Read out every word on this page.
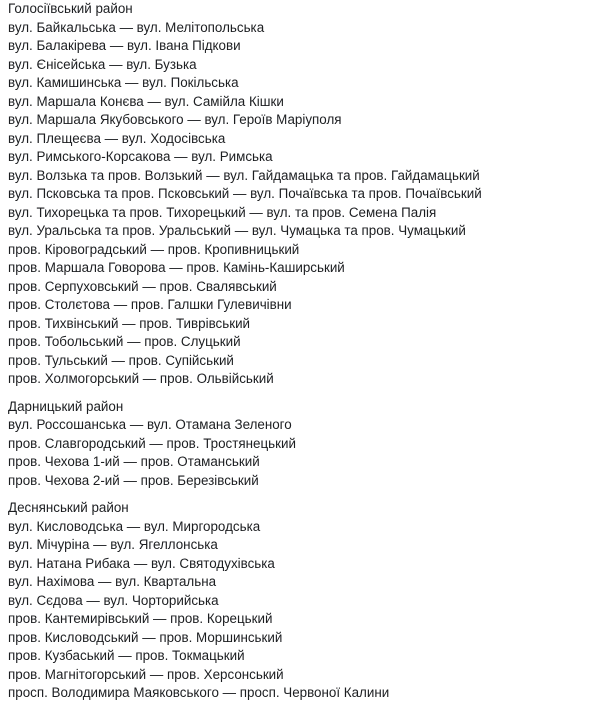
Голосіївський район
вул. Байкальська — вул. Мелітопольська
вул. Балакірева — вул. Івана Підкови
вул. Єнісейська — вул. Бузька
вул. Камишинська — вул. Покільська
вул. Маршала Конєва — вул. Самійла Кішки
вул. Маршала Якубовського — вул. Героїв Маріуполя
вул. Плещеєва — вул. Ходосівська
вул. Римського-Корсакова — вул. Римська
вул. Волзька та пров. Волзький — вул. Гайдамацька та пров. Гайдамацький
вул. Псковська та пров. Псковський — вул. Почаївська та пров. Почаївський
вул. Тихорецька та пров. Тихорецький — вул. та пров. Семена Палія
вул. Уральська та пров. Уральський — вул. Чумацька та пров. Чумацький
пров. Кіровоградський — пров. Кропивницький
пров. Маршала Говорова — пров. Камінь-Каширський
пров. Серпуховський — пров. Свалявський
пров. Столєтова — пров. Галшки Гулевичівни
пров. Тихвінський — пров. Тиврівський
пров. Тобольський — пров. Слуцький
пров. Тульський — пров. Супійський
пров. Холмогорський — пров. Ольвійський
Дарницький район
вул. Россошанська — вул. Отамана Зеленого
пров. Славгородський — пров. Тростянецький
пров. Чехова 1-ий — пров. Отаманський
пров. Чехова 2-ий — пров. Березівський
Деснянський район
вул. Кисловодська — вул. Миргородська
вул. Мічуріна — вул. Ягеллонська
вул. Натана Рибака — вул. Святодухівська
вул. Нахімова — вул. Квартальна
вул. Сєдова — вул. Чорторийська
пров. Кантемирівський — пров. Корецький
пров. Кисловодський — пров. Моршинський
пров. Кузбаський — пров. Токмацький
пров. Магнітогорський — пров. Херсонський
просп. Володимира Маяковського — просп. Червоної Калини
